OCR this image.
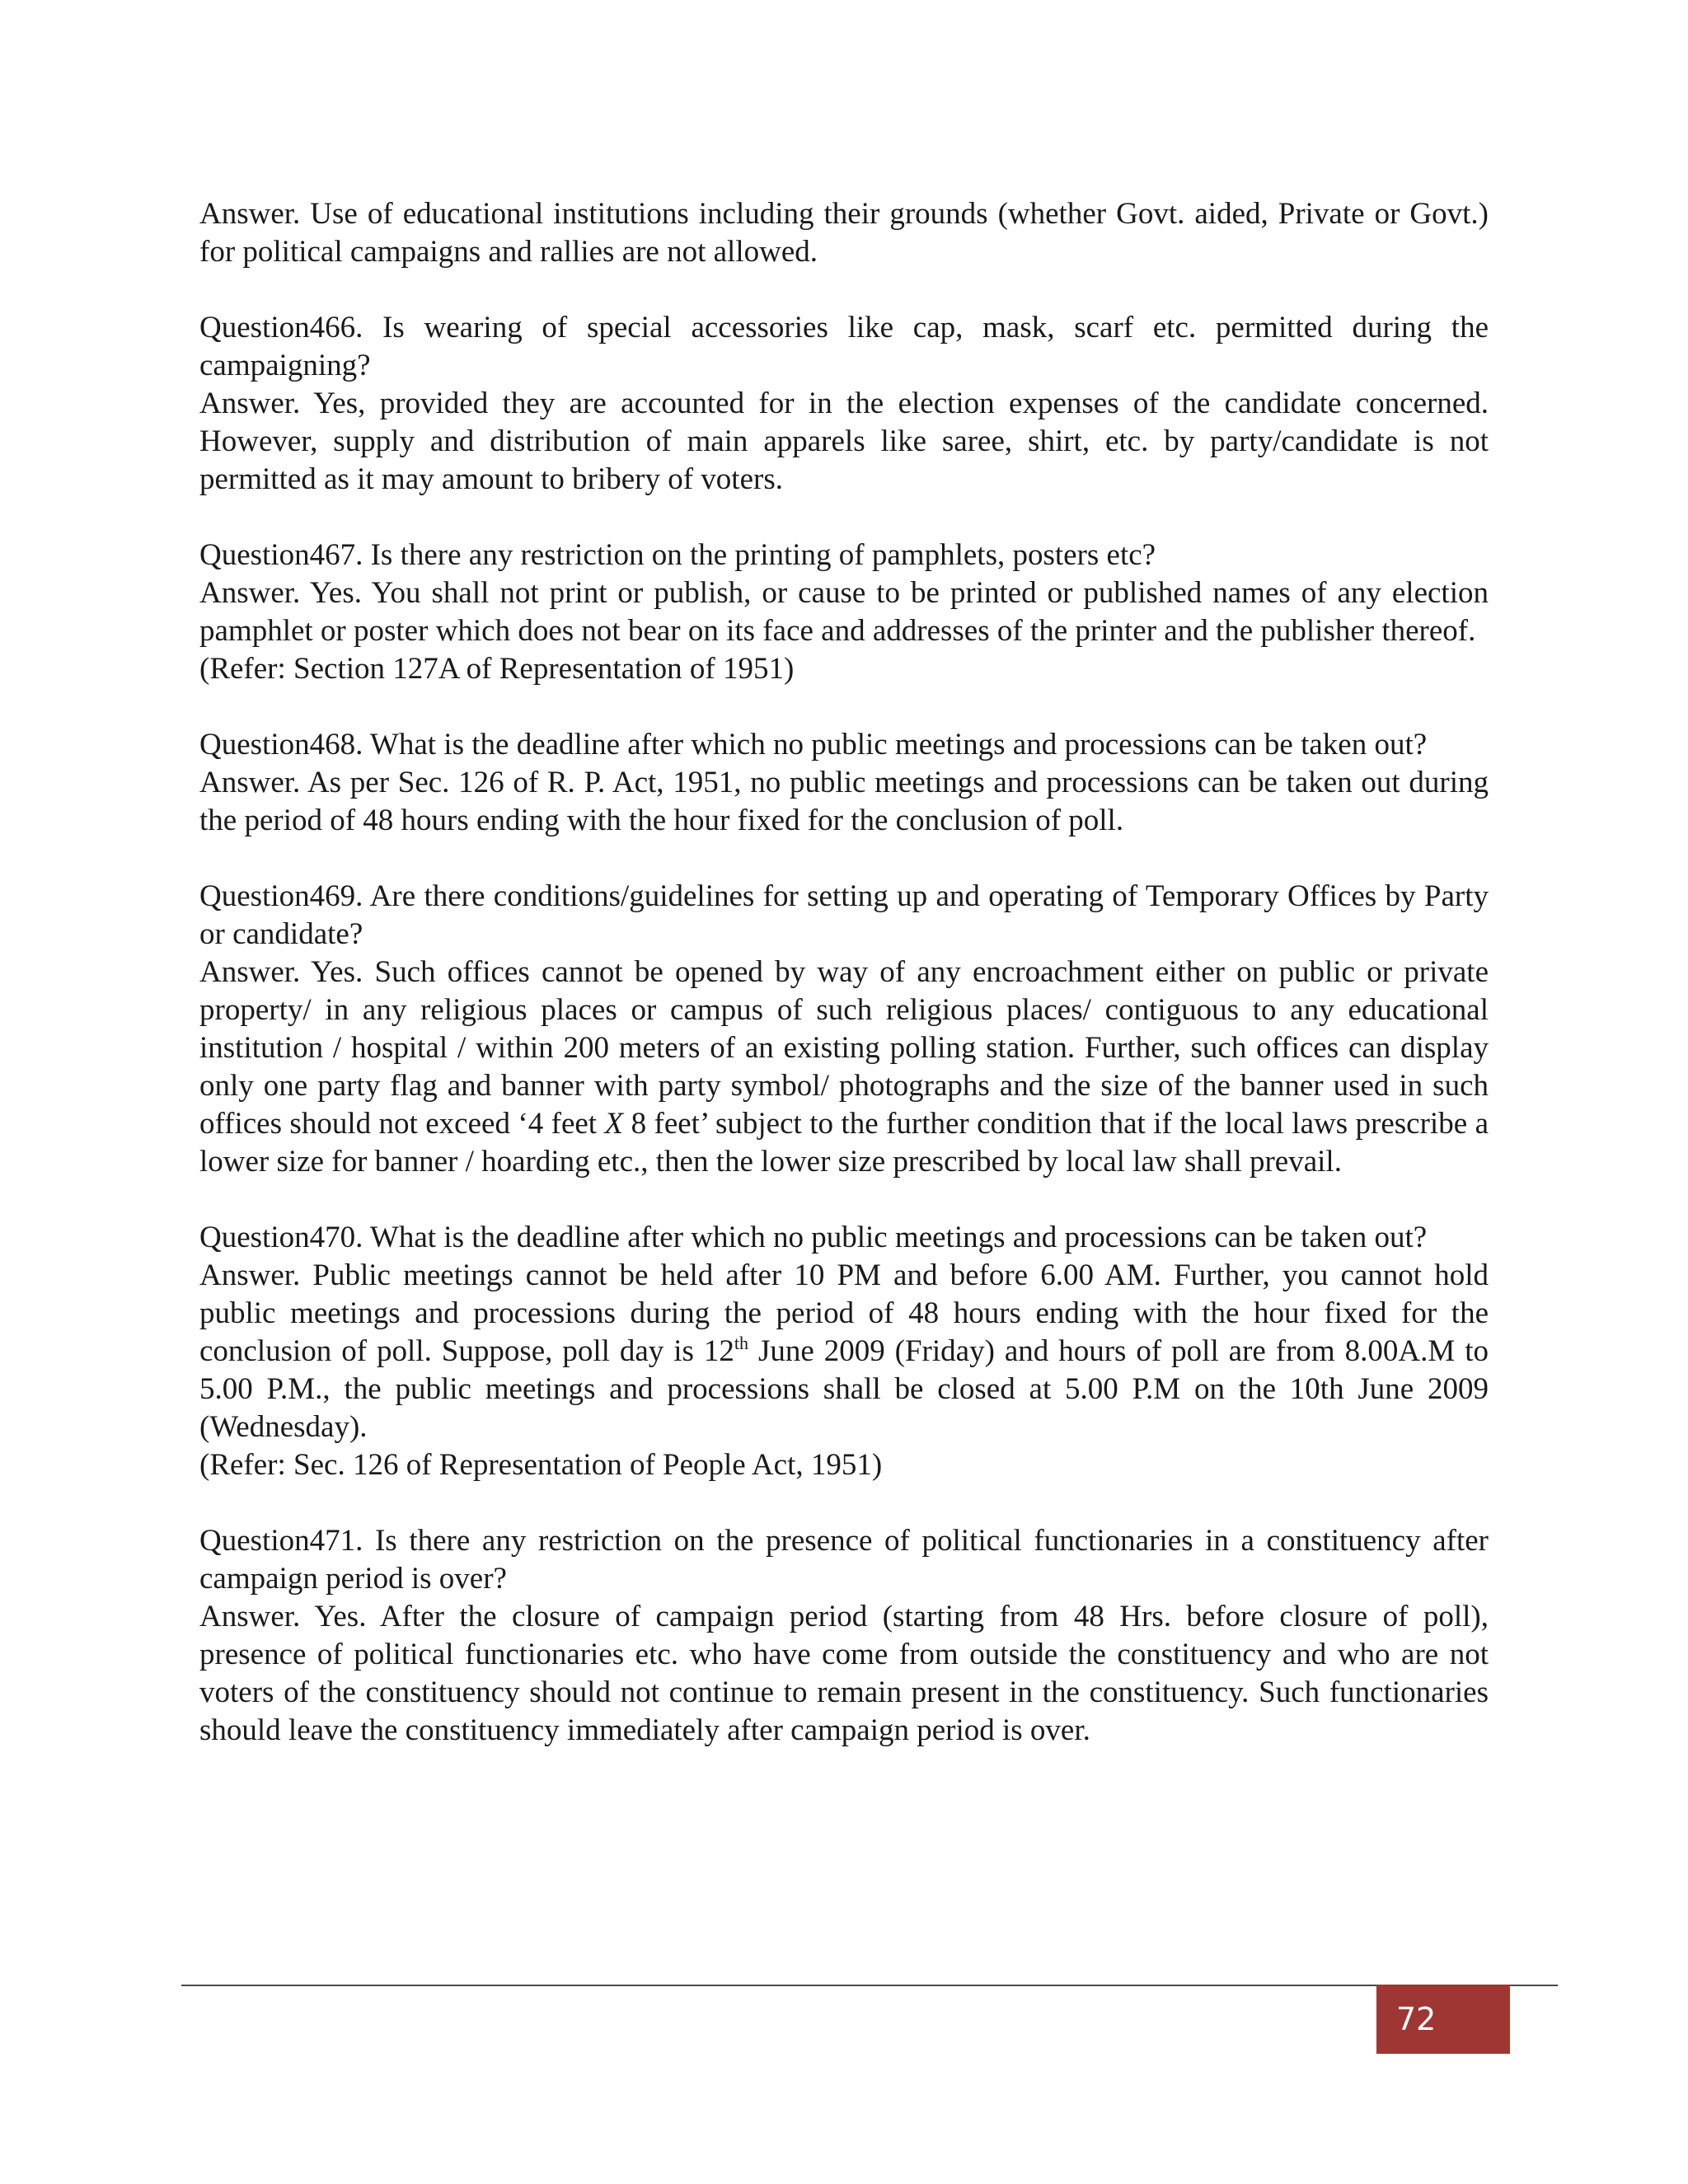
Answer. Use of educational institutions including their grounds (whether Govt. aided, Private or Govt.) for political campaigns and rallies are not allowed.

Question466. Is wearing of special accessories like cap, mask, scarf etc. permitted during the campaigning?

Answer. Yes, provided they are accounted for in the election expenses of the candidate concerned. However, supply and distribution of main apparels like saree, shirt, etc. by party/candidate is not permitted as it may amount to bribery of voters.

Question467. Is there any restriction on the printing of pamphlets, posters etc?

Answer. Yes. You shall not print or publish, or cause to be printed or published names of any election pamphlet or poster which does not bear on its face and addresses of the printer and the publisher thereof.

(Refer: Section 127A of Representation of 1951)

Question468. What is the deadline after which no public meetings and processions can be taken out?

Answer. As per Sec. 126 of R. P. Act, 1951, no public meetings and processions can be taken out during the period of 48 hours ending with the hour fixed for the conclusion of poll.

Question469. Are there conditions/guidelines for setting up and operating of Temporary Offices by Party or candidate?

Answer. Yes. Such offices cannot be opened by way of any encroachment either on public or private property/ in any religious places or campus of such religious places/ contiguous to any educational institution / hospital / within 200 meters of an existing polling station. Further, such offices can display only one party flag and banner with party symbol/ photographs and the size of the banner used in such offices should not exceed ‘4 feet X 8 feet’ subject to the further condition that if the local laws prescribe a lower size for banner / hoarding etc., then the lower size prescribed by local law shall prevail.

Question470. What is the deadline after which no public meetings and processions can be taken out?

Answer. Public meetings cannot be held after 10 PM and before 6.00 AM. Further, you cannot hold public meetings and processions during the period of 48 hours ending with the hour fixed for the conclusion of poll. Suppose, poll day is 12th June 2009 (Friday) and hours of poll are from 8.00A.M to 5.00 P.M., the public meetings and processions shall be closed at 5.00 P.M on the 10th June 2009 (Wednesday).

(Refer: Sec. 126 of Representation of People Act, 1951)

Question471. Is there any restriction on the presence of political functionaries in a constituency after campaign period is over?

Answer. Yes. After the closure of campaign period (starting from 48 Hrs. before closure of poll), presence of political functionaries etc. who have come from outside the constituency and who are not voters of the constituency should not continue to remain present in the constituency. Such functionaries should leave the constituency immediately after campaign period is over.

72
